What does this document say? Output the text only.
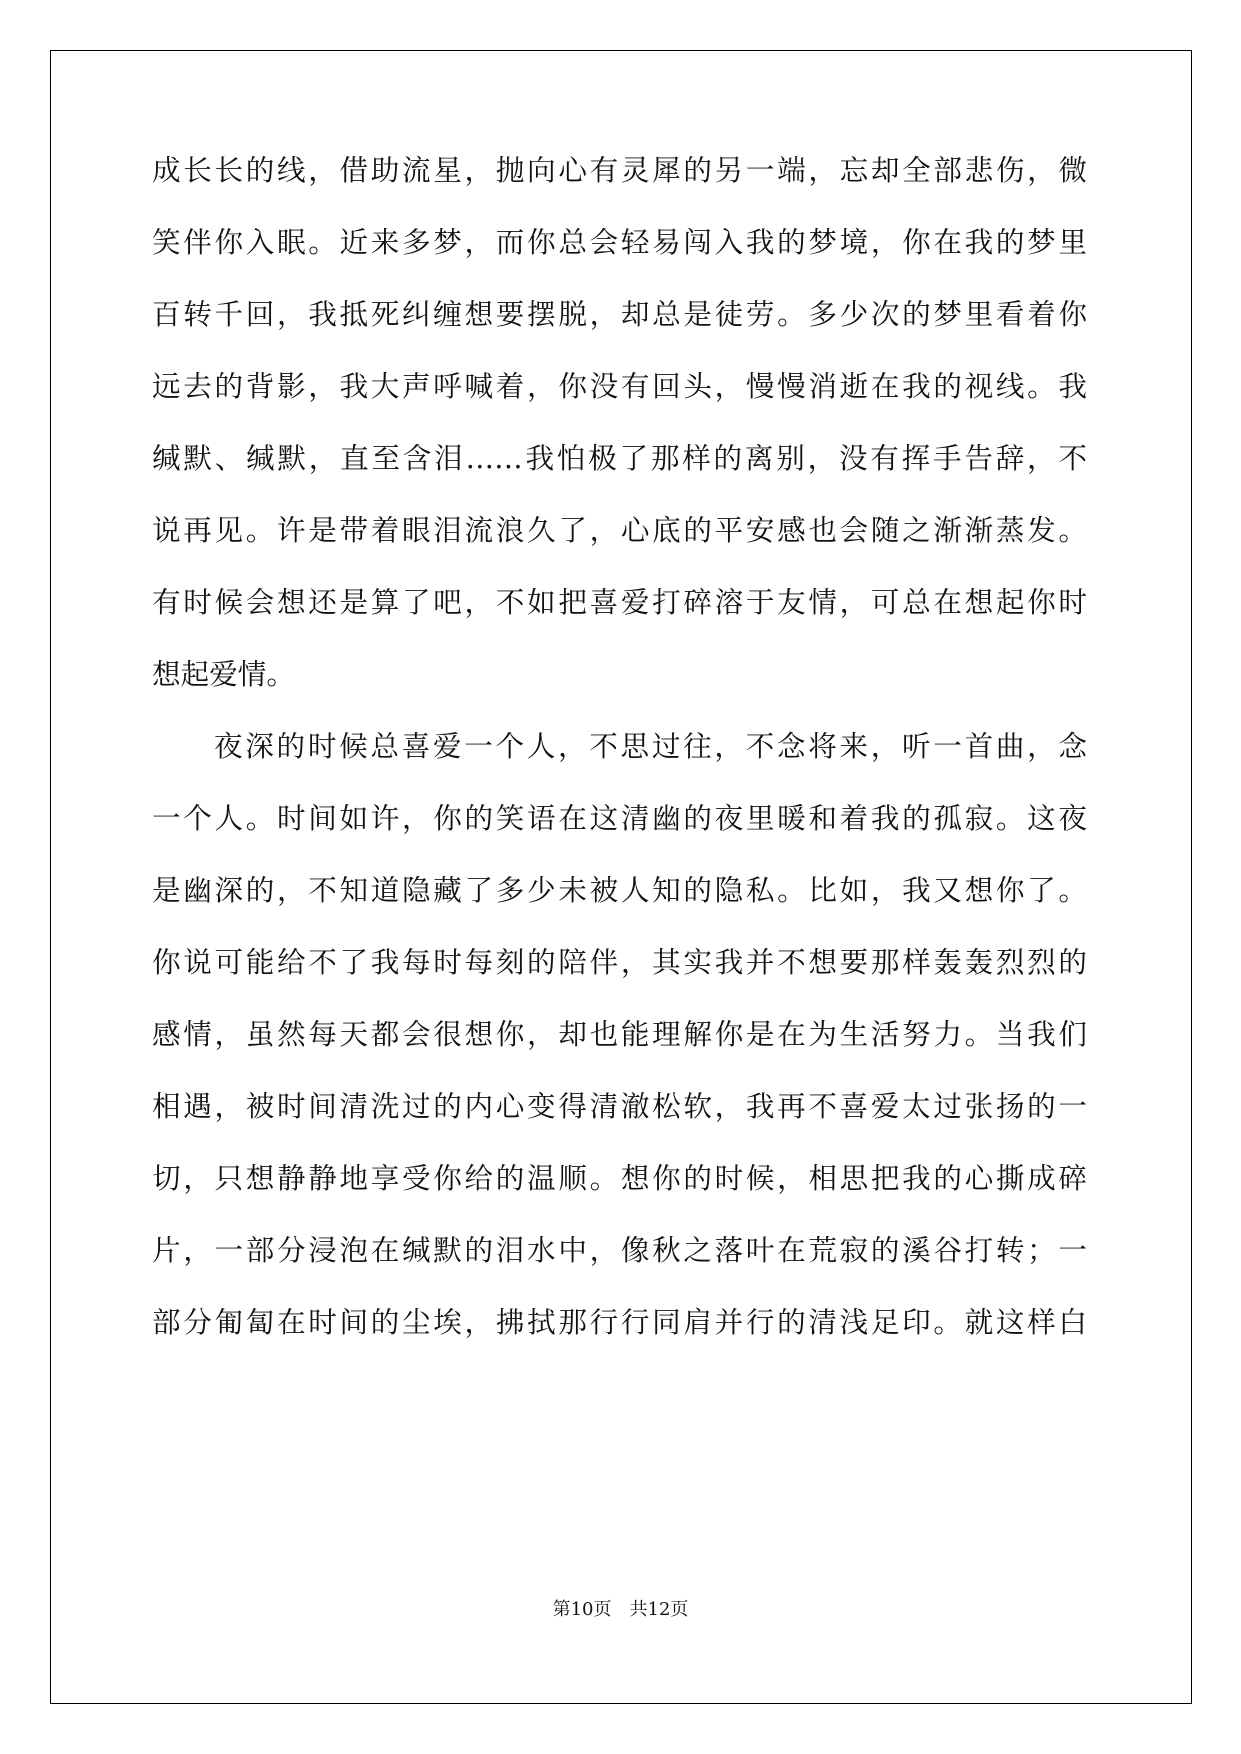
成长长的线，借助流星，抛向心有灵犀的另一端，忘却全部悲伤，微
笑伴你入眠。近来多梦，而你总会轻易闯入我的梦境，你在我的梦里
百转千回，我抵死纠缠想要摆脱，却总是徒劳。多少次的梦里看着你
远去的背影，我大声呼喊着，你没有回头，慢慢消逝在我的视线。我
缄默、缄默，直至含泪……我怕极了那样的离别，没有挥手告辞，不
说再见。许是带着眼泪流浪久了，心底的平安感也会随之渐渐蒸发。
有时候会想还是算了吧，不如把喜爱打碎溶于友情，可总在想起你时
想起爱情。
夜深的时候总喜爱一个人，不思过往，不念将来，听一首曲，念
一个人。时间如许，你的笑语在这清幽的夜里暖和着我的孤寂。这夜
是幽深的，不知道隐藏了多少未被人知的隐私。比如，我又想你了。
你说可能给不了我每时每刻的陪伴，其实我并不想要那样轰轰烈烈的
感情，虽然每天都会很想你，却也能理解你是在为生活努力。当我们
相遇，被时间清洗过的内心变得清澈松软，我再不喜爱太过张扬的一
切，只想静静地享受你给的温顺。想你的时候，相思把我的心撕成碎
片，一部分浸泡在缄默的泪水中，像秋之落叶在荒寂的溪谷打转；一
部分匍匐在时间的尘埃，拂拭那行行同肩并行的清浅足印。就这样白
第10页　共12页
